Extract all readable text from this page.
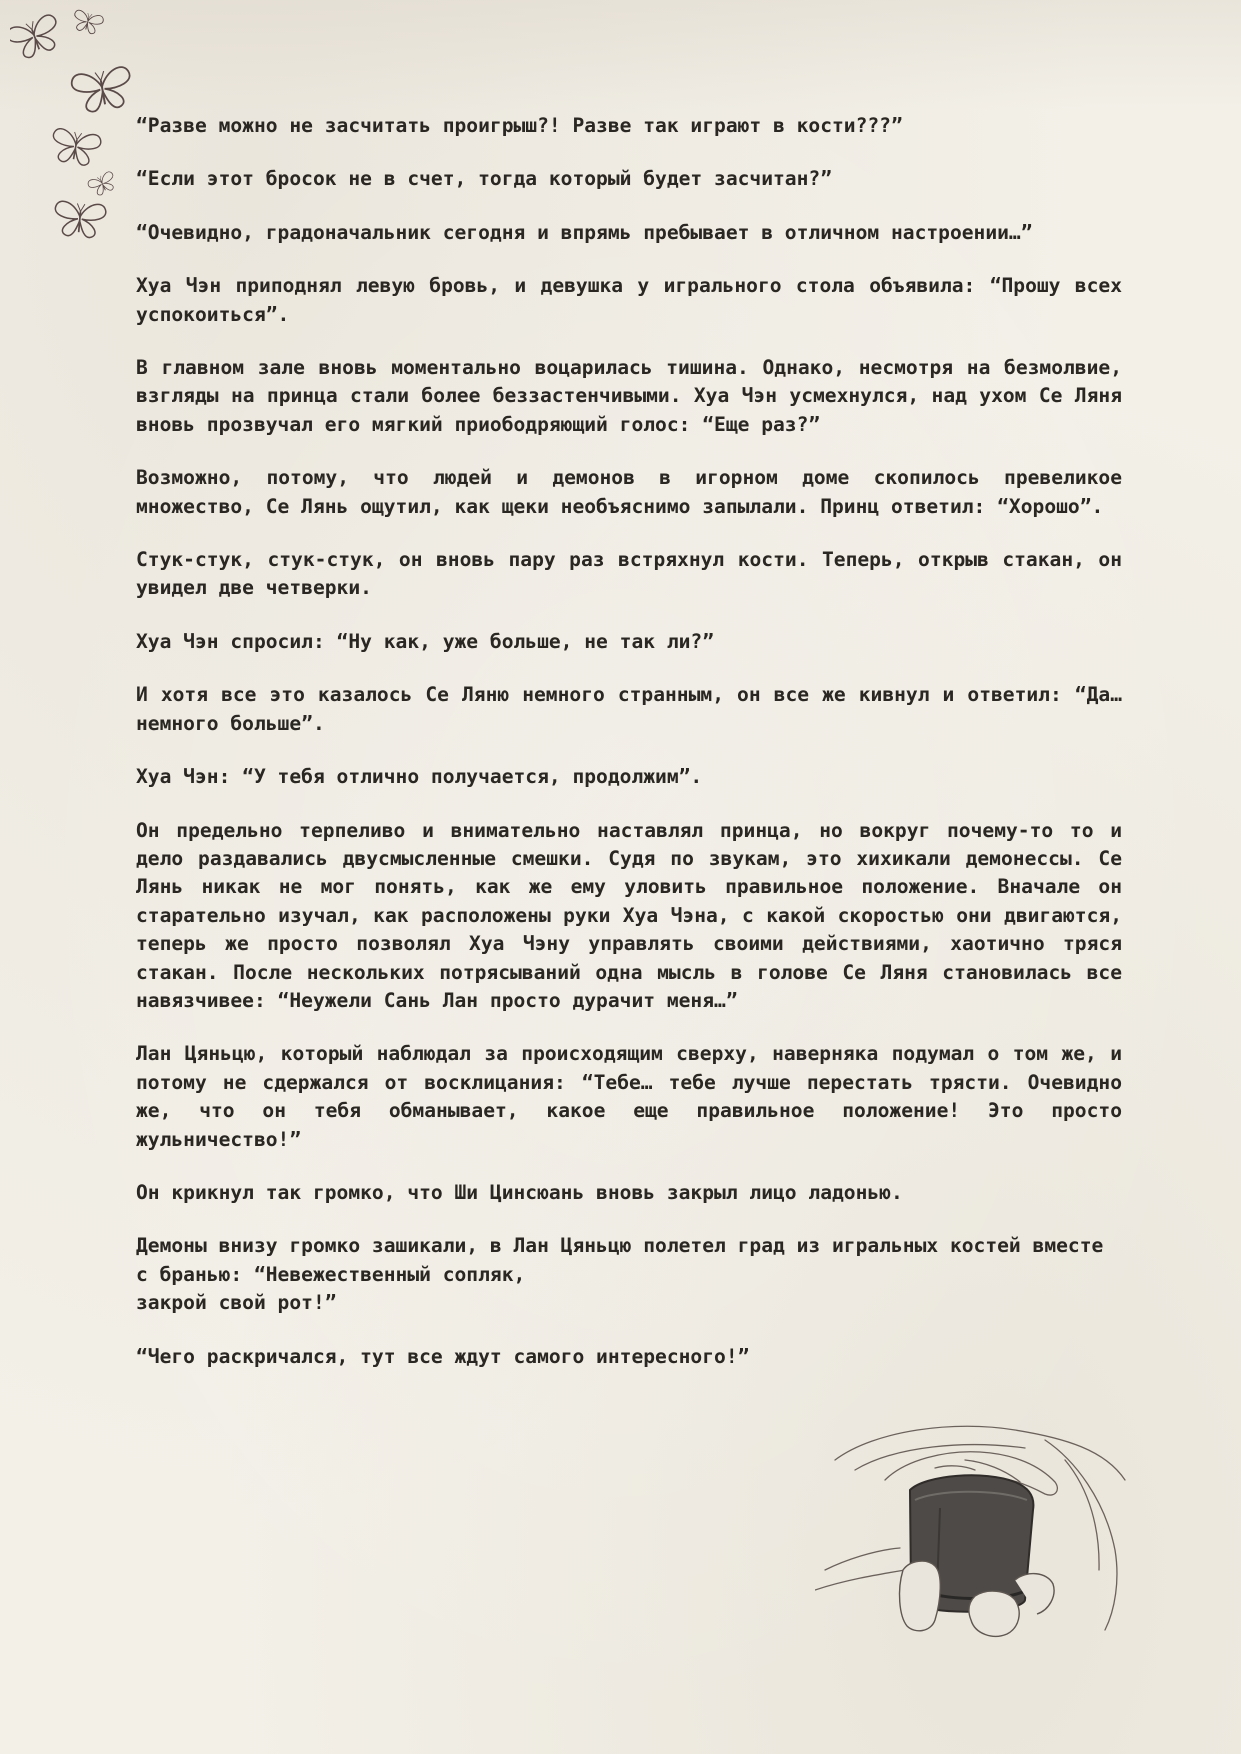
“Разве можно не засчитать проигрыш?! Разве так играют в кости???”

“Если этот бросок не в счет, тогда который будет засчитан?”

“Очевидно, градоначальник сегодня и впрямь пребывает в отличном настроении…”

Хуа Чэн приподнял левую бровь, и девушка у игрального стола объявила: “Прошу всех успокоиться”.

В главном зале вновь моментально воцарилась тишина. Однако, несмотря на безмолвие, взгляды на принца стали более беззастенчивыми. Хуа Чэн усмехнулся, над ухом Се Ляня вновь прозвучал его мягкий приободряющий голос: “Еще раз?”

Возможно, потому, что людей и демонов в игорном доме скопилось превеликое множество, Се Лянь ощутил, как щеки необъяснимо запылали. Принц ответил: “Хорошо”.

Стук-стук, стук-стук, он вновь пару раз встряхнул кости. Теперь, открыв стакан, он увидел две четверки.

Хуа Чэн спросил: “Ну как, уже больше, не так ли?”

И хотя все это казалось Се Ляню немного странным, он все же кивнул и ответил: “Да… немного больше”.

Хуа Чэн: “У тебя отлично получается, продолжим”.

Он предельно терпеливо и внимательно наставлял принца, но вокруг почему-то то и дело раздавались двусмысленные смешки. Судя по звукам, это хихикали демонессы. Се Лянь никак не мог понять, как же ему уловить правильное положение. Вначале он старательно изучал, как расположены руки Хуа Чэна, с какой скоростью они двигаются, теперь же просто позволял Хуа Чэну управлять своими действиями, хаотично тряся стакан. После нескольких потрясываний одна мысль в голове Се Ляня становилась все навязчивее: “Неужели Сань Лан просто дурачит меня…”

Лан Цяньцю, который наблюдал за происходящим сверху, наверняка подумал о том же, и потому не сдержался от восклицания: “Тебе… тебе лучше перестать трясти. Очевидно же, что он тебя обманывает, какое еще правильное положение! Это просто жульничество!”

Он крикнул так громко, что Ши Цинсюань вновь закрыл лицо ладонью.

Демоны внизу громко зашикали, в Лан Цяньцю полетел град из игральных костей вместе с бранью: “Невежественный сопляк,
закрой свой рот!”

“Чего раскричался, тут все ждут самого интересного!”
